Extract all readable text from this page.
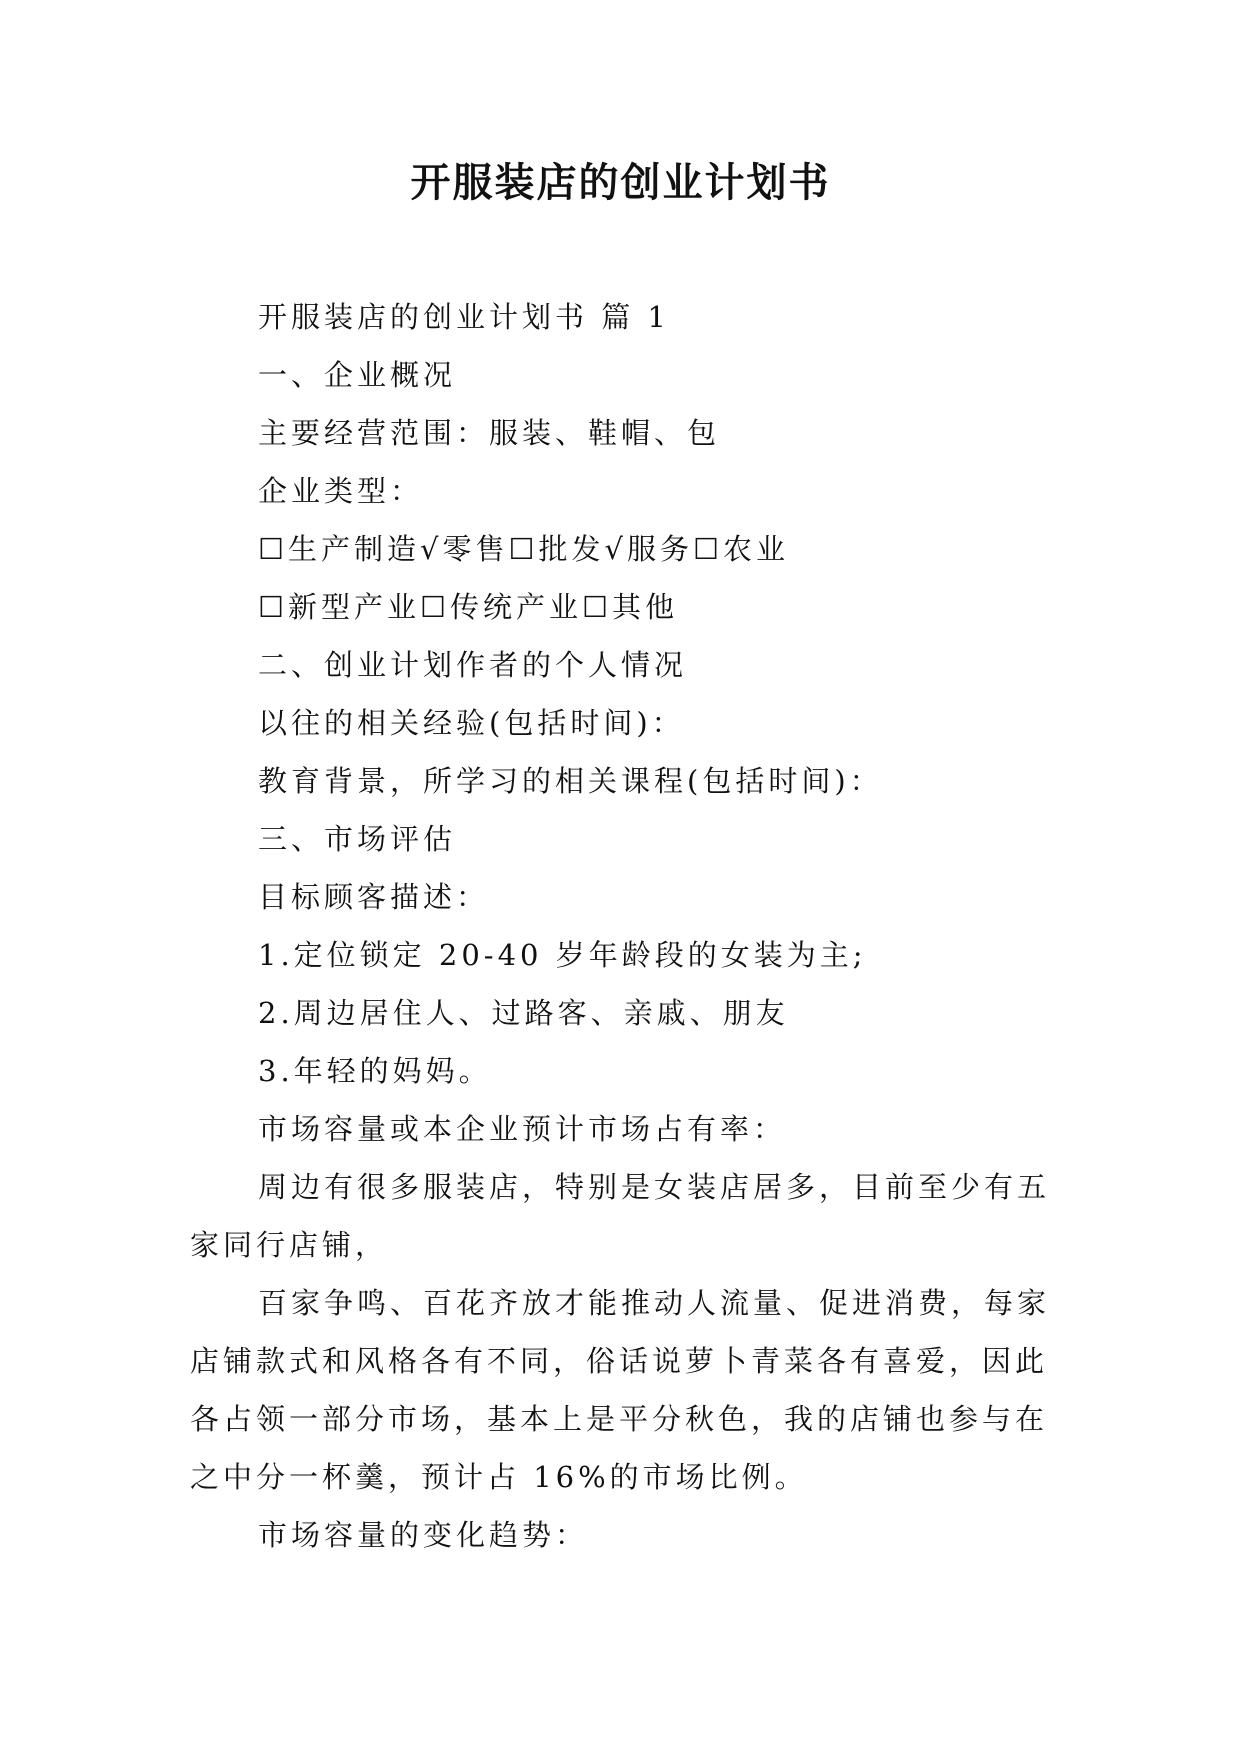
开服装店的创业计划书
开服装店的创业计划书 篇 1
一、企业概况
主要经营范围：服装、鞋帽、包
企业类型：
☐生产制造√零售☐批发√服务☐农业
☐新型产业☐传统产业☐其他
二、创业计划作者的个人情况
以往的相关经验(包括时间)：
教育背景，所学习的相关课程(包括时间)：
三、市场评估
目标顾客描述：
1.定位锁定 20-40 岁年龄段的女装为主;
2.周边居住人、过路客、亲戚、朋友
3.年轻的妈妈。
市场容量或本企业预计市场占有率：
周边有很多服装店，特别是女装店居多，目前至少有五家同行店铺，
百家争鸣、百花齐放才能推动人流量、促进消费，每家店铺款式和风格各有不同，俗话说萝卜青菜各有喜爱，因此各占领一部分市场，基本上是平分秋色，我的店铺也参与在之中分一杯羹，预计占 16%的市场比例。
市场容量的变化趋势：
